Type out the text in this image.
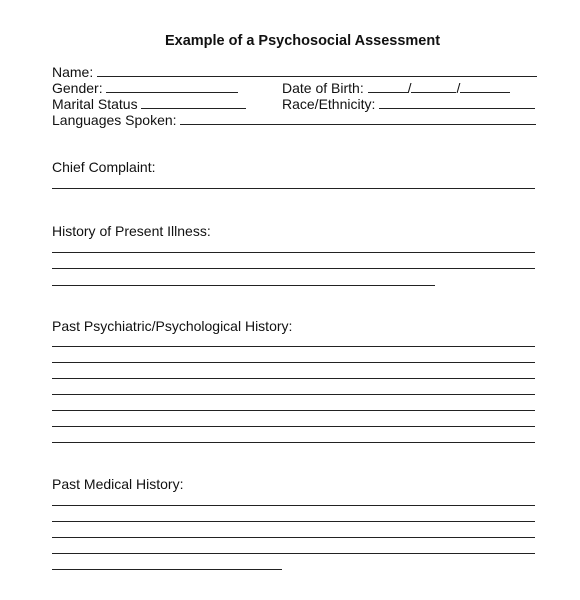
Example of a Psychosocial Assessment
Name:
Gender:	Date of Birth:	/	/
Marital Status	Race/Ethnicity:
Languages Spoken:
Chief Complaint:
History of Present Illness:
Past Psychiatric/Psychological History:
Past Medical History:
